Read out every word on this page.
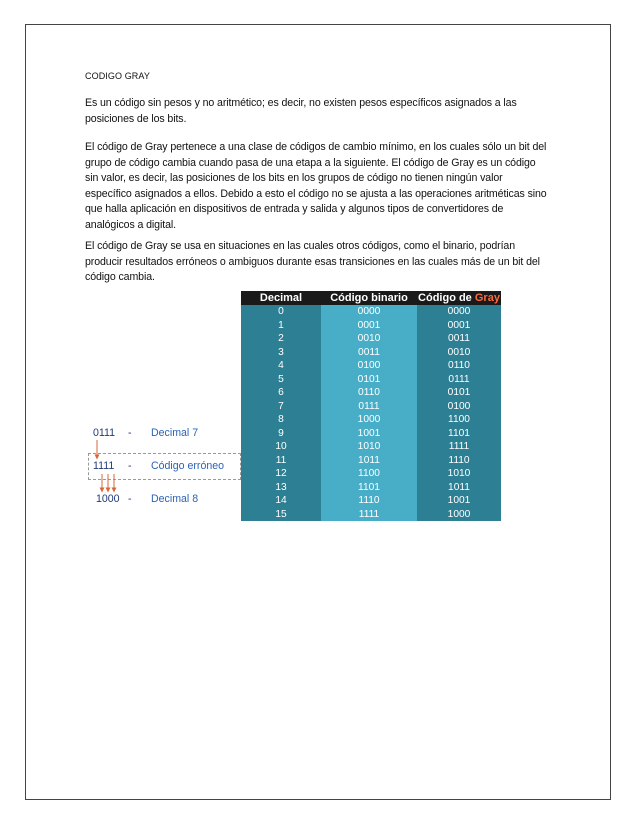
CODIGO GRAY

Es un código sin pesos y no aritmético; es decir, no existen pesos específicos asignados a las posiciones de los bits.

El código de Gray pertenece a una clase de códigos de cambio mínimo, en los cuales sólo un bit del grupo de código cambia cuando pasa de una etapa a la siguiente. El código de Gray es un código sin valor, es decir, las posiciones de los bits en los grupos de código no tienen ningún valor específico asignados a ellos. Debido a esto el código no se ajusta a las operaciones aritméticas sino que halla aplicación en dispositivos de entrada y salida y algunos tipos de convertidores de analógicos a digital.

El código de Gray se usa en situaciones en las cuales otros códigos, como el binario, podrían producir resultados erróneos o ambiguos durante esas transiciones en las cuales más de un bit del código cambia.

Decimal	Código binario	Código de Gray
0	0000	0000
1	0001	0001
2	0010	0011
3	0011	0010
4	0100	0110
5	0101	0111
6	0110	0101
7	0111	0100
8	1000	1100
9	1001	1101
10	1010	1111
11	1011	1110
12	1100	1010
13	1101	1011
14	1110	1001
15	1111	1000
0111 - Decimal 7
1111 - Código erróneo
1000 - Decimal 8
